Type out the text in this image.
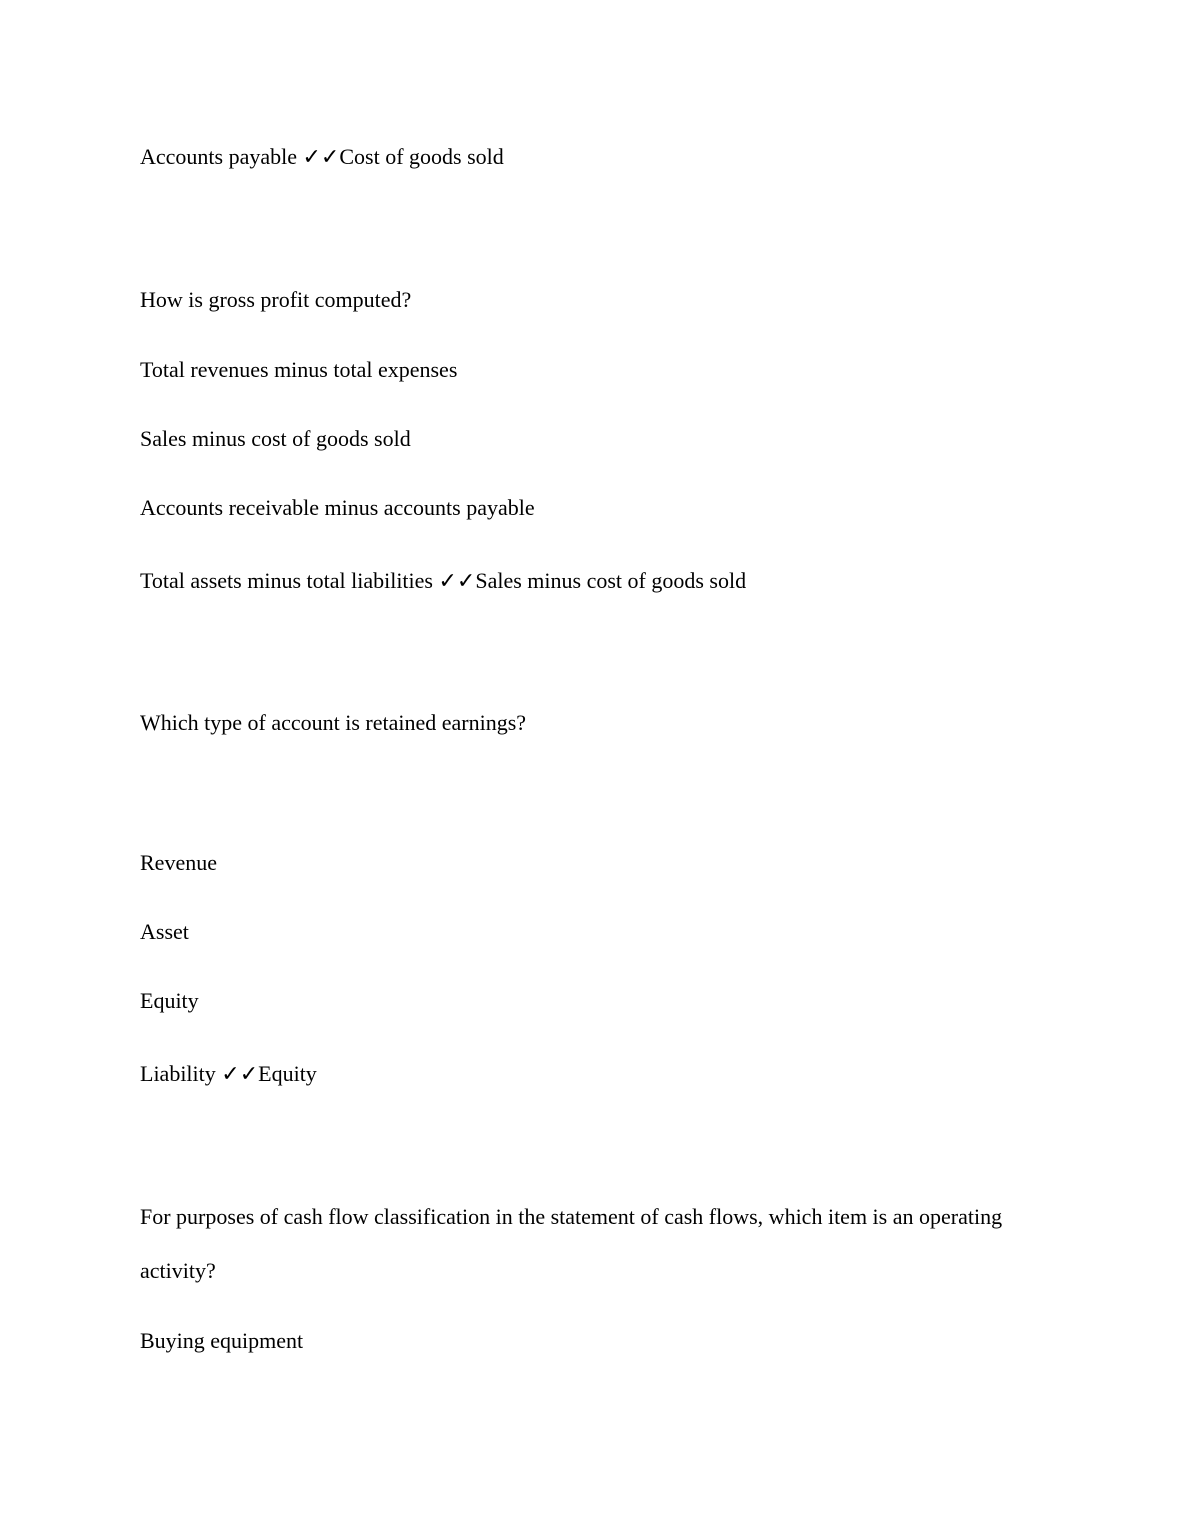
Accounts payable ✓✓Cost of goods sold
How is gross profit computed?
Total revenues minus total expenses
Sales minus cost of goods sold
Accounts receivable minus accounts payable
Total assets minus total liabilities ✓✓Sales minus cost of goods sold
Which type of account is retained earnings?
Revenue
Asset
Equity
Liability ✓✓Equity
For purposes of cash flow classification in the statement of cash flows, which item is an operating activity?
Buying equipment
